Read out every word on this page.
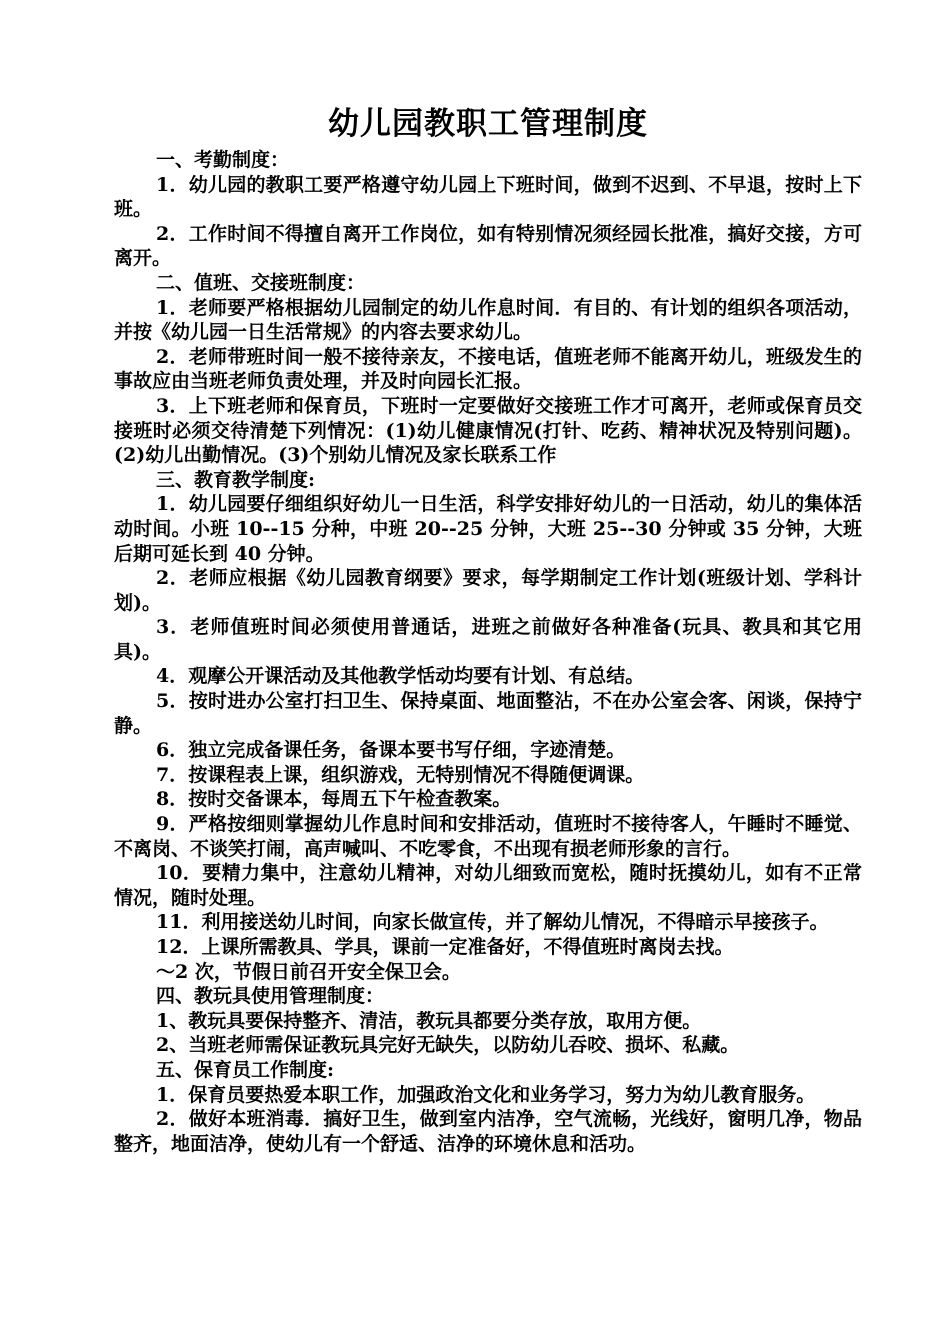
幼儿园教职工管理制度

一、考勤制度：

1．幼儿园的教职工要严格遵守幼儿园上下班时间，做到不迟到、不早退，按时上下班。

2．工作时间不得擅自离开工作岗位，如有特别情况须经园长批准，搞好交接，方可离开。

二、值班、交接班制度：

1．老师要严格根据幼儿园制定的幼儿作息时间．有目的、有计划的组织各项活动，并按《幼儿园一日生活常规》的内容去要求幼儿。

2．老师带班时间一般不接待亲友，不接电话，值班老师不能离开幼儿，班级发生的事故应由当班老师负责处理，并及时向园长汇报。

3．上下班老师和保育员，下班时一定要做好交接班工作才可离开，老师或保育员交接班时必须交待清楚下列情况：(1)幼儿健康情况(打针、吃药、精神状况及特别问题)。(2)幼儿出勤情况。(3)个别幼儿情况及家长联系工作

三、教育教学制度:

1．幼儿园要仔细组织好幼儿一日生活，科学安排好幼儿的一日活动，幼儿的集体活动时间。小班 10--15 分种，中班 20--25 分钟，大班 25--30 分钟或 35 分钟，大班后期可延长到 40 分钟。

2．老师应根据《幼儿园教育纲要》要求，每学期制定工作计划(班级计划、学科计划)。

3．老师值班时间必须使用普通话，进班之前做好各种准备(玩具、教具和其它用具)。

4．观摩公开课活动及其他教学恬动均要有计划、有总结。

5．按时进办公室打扫卫生、保持桌面、地面整沾，不在办公室会客、闲谈，保持宁静。

6．独立完成备课任务，备课本要书写仔细，字迹清楚。

7．按课程表上课，组织游戏，无特别情况不得随便调课。

8．按时交备课本，每周五下午检查教案。

9．严格按细则掌握幼儿作息时间和安排活动，值班时不接待客人，午睡时不睡觉、不离岗、不谈笑打闹，高声喊叫、不吃零食，不出现有损老师形象的言行。

10．要精力集中，注意幼儿精神，对幼儿细致而宽松，随时抚摸幼儿，如有不正常情况，随时处理。

11．利用接送幼儿时间，向家长做宣传，并了解幼儿情况，不得暗示早接孩子。

12．上课所需教具、学具，课前一定准备好，不得值班时离岗去找。

～2 次，节假日前召开安全保卫会。

四、教玩具使用管理制度：

1、教玩具要保持整齐、清洁，教玩具都要分类存放，取用方便。

2、当班老师需保证教玩具完好无缺失，以防幼儿吞咬、损坏、私藏。

五、保育员工作制度:

1．保育员要热爱本职工作，加强政治文化和业务学习，努力为幼儿教育服务。

2．做好本班消毒．搞好卫生，做到室内洁净，空气流畅，光线好，窗明几净，物品整齐，地面洁净，使幼儿有一个舒适、洁净的环境休息和活功。
